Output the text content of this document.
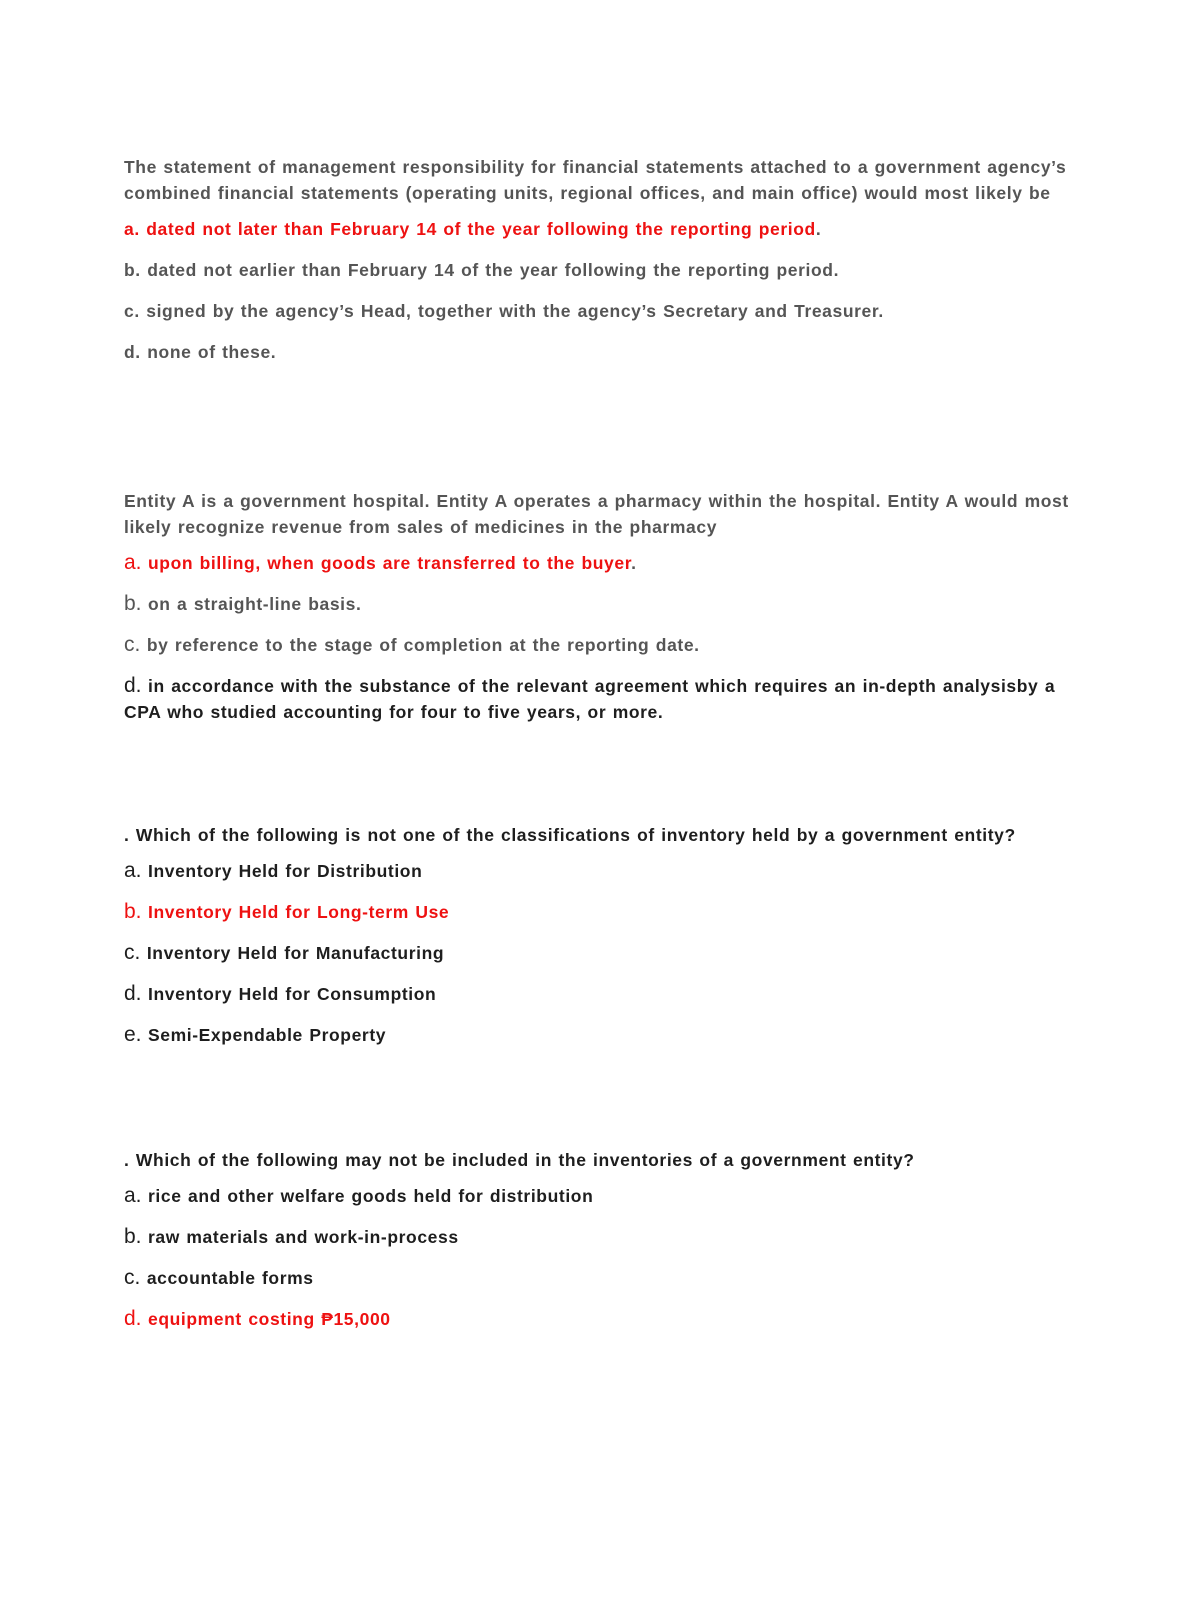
The statement of management responsibility for financial statements attached to a government agency’s combined financial statements (operating units, regional offices, and main office) would most likely be

a. dated not later than February 14 of the year following the reporting period.

b. dated not earlier than February 14 of the year following the reporting period.

c. signed by the agency’s Head, together with the agency’s Secretary and Treasurer.

d. none of these.

Entity A is a government hospital. Entity A operates a pharmacy within the hospital. Entity A would most likely recognize revenue from sales of medicines in the pharmacy

a. upon billing, when goods are transferred to the buyer.

b. on a straight-line basis.

c. by reference to the stage of completion at the reporting date.

d. in accordance with the substance of the relevant agreement which requires an in-depth analysisby a CPA who studied accounting for four to five years, or more.

. Which of the following is not one of the classifications of inventory held by a government entity?

a. Inventory Held for Distribution

b. Inventory Held for Long-term Use

c. Inventory Held for Manufacturing

d. Inventory Held for Consumption

e. Semi-Expendable Property

. Which of the following may not be included in the inventories of a government entity?

a. rice and other welfare goods held for distribution

b. raw materials and work-in-process

c. accountable forms

d. equipment costing ₱15,000
